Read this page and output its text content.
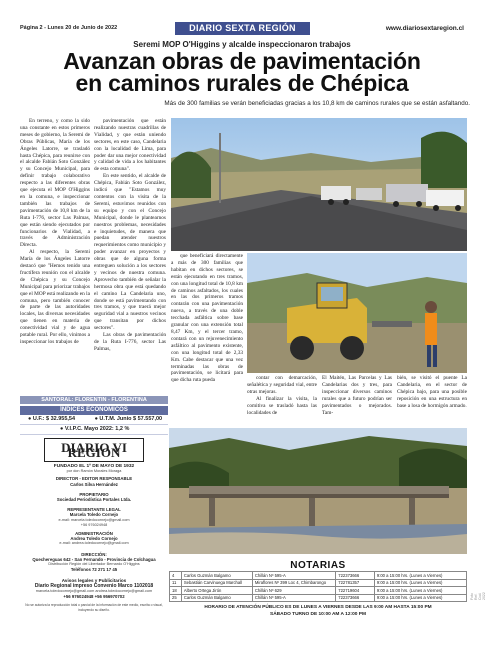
Página 2 - Lunes 20 de Junio de 2022	DIARIO SEXTA REGIÓN	www.diariosextaregion.cl
Seremi MOP O'Higgins y alcalde inspeccionaron trabajos
Avanzan obras de pavimentación
en caminos rurales de Chépica
Más de 300 familias se verán beneficiadas gracias a los 10,8 km de caminos rurales que se están asfaltando.

En terreno, y como la sido una constante en estos primeros meses de gobierno, la Seremi de Obras Públicas, María de los Ángeles Latorre, se trasladó hasta Chépica, para reunirse con el alcalde Fabián Soto González y su Concejo Municipal, para definir trabajo colaborativo respecto a las diferentes obras que ejecuta el MOP O'Higgins en la comuna, e inspeccionar también las trabajos de pavimentación de 10,8 km de la Ruta I-776, sector Las Palmas, que están siendo ejecutados por funcionarios de Vialidad, a través de Administración Directa.

Al respecto, la Seremi María de los Ángeles Latorre destacó que "Hemos tenido una fructífera reunión con el alcalde de Chépica y su Concejo Municipal para priorizar trabajos que el MOP está realizando en la comuna, pero también conocer de parte de las autoridades locales, las diversas necesidades que tienen en materia de conectividad vial y de agua potable rural. Por ello, vinimos a inspeccionar los trabajos de

pavimentación que están realizando nuestras cuadrillas de Vialidad, y que están uniendo sectores, en este caso, Candelaria con la localidad de Lima, para poder dar una mejor conectividad y calidad de vida a los habitantes de esta comuna".

En este sentido, el alcalde de Chépica, Fabián Soto González, indicó que "Estamos muy contentos con la visita de la Seremi, estuvimos reunidos con su equipo y con el Concejo Municipal, donde le plantearnos nuestros problemas, necesidades e inquietudes, de manera que puedan atender nuestros requerimientos como municipio y poder avanzar en proyectos y obras que de alguna forma entreguen solución a los sectores y vecinos de nuestra comuna. Aprovecho también de señalar la hermosa obra que está quedando el camino La Candelaria uno, donde se está pavimentando con tres tramos, y que traerá mejor seguridad vial a nuestros vecinos que transitan por dichos sectores".

Las obras de pavimentación de la Ruta I-776, sector Las Palmas,

que beneficiará directamente a más de 300 familias que habitan en dichos sectores, se están ejecutando en tres tramos, con una longitud total de 10,8 km de caminos asfaltados, los cuales en las dos primeros tramos contarán con una pavimentación nueva, a través de una doble tecchada asfáltica sobre base granular con una extensión total 8,47 Km, y el tercer tramo, contará con un rejuvenecimiento asfáltico al pavimento existente, con una longitud total de 2,33 Km. Cabe destacar que una vez terminadas las obras de pavimentación, se licitará para que dicha ruta pueda	contar con demarcación, señalética y seguridad vial, entre otras mejoras.

Al finalizar la visita, la comitiva se trasladó hasta las localidades de

El Maitén, Las Parcelas y Las Candelarias dos y tres, para inspeccionar diversos caminos rurales que a futuro podrían ser pavimentados o mejorados. Tam-

bién, se visitó el puente La Candelaria, en el sector de Chépica bajo, para una posible reposición en una estructura en base a losa de hormigón armado.

SANTORAL: FLORENTIN - FLORENTINA
ÍNDICES ECONÓMICOS
● U.F.: $ 32.955,54	● U.T.M. Junio $ 57.557,00
● V.I.P.C. Mayo 2022: 1,2 %
DIARIO VI REGION
FUNDADO EL 1º DE MAYO DE 1932
por don Ramón Morales Moraga
DIRECTOR - EDITOR RESPONSABLE
Carlos Silva Hernández
PROPIETARIO
Sociedad Periodística Portales Ltda.
REPRESENTANTE LEGAL
Marcela Toledo Cornejo
e-mail: marcela.toledocornejo@gmail.com
+56 976024948
ADMINISTRACIÓN
Andrea Toledo Cornejo
e-mail: andrea.toledocornejo@gmail.com
DIRECCIÓN:
Quechereguas 642 - San Fernando - Provincia de Colchagua
Distribución Región del Libertador Bernardo O'Higgins
Teléfonos 72 271 17 45
Avisos legales y Publicitarios
Diario Regional impreso Convenio Marco 1102018
marcela.toledocornejo@gmail.com andrea.toledocornejo@gmail.com
+56 976024948 +56 956970702
No se autoriza la reproducción total o parcial de la información de este medio, escrita o visual, incluyendo su diseño.
NOTARIAS
4	Carlos Guzmán Balgamo	Chillán Nº 595-A	722373666	9:00 a 15:00 hrs. (Lunes a Viernes)
11	Sebastián Carvinuega Marchall	Miraflores Nº 399 Loc 4, Chimbarongo	722781357	9:00 a 15:00 hrs. (Lunes a Viernes)
18	Alberto Ortega Jirón	Chillán Nº 629	722719604	9:00 a 15:00 hrs. (Lunes a Viernes)
25	Carlos Guzmán Balgamo	Chillán Nº 595-A	722373666	9:00 a 15:00 hrs. (Lunes a Viernes)
HORARIO DE ATENCIÓN PÚBLICO ES DE LUNES A VIERNES DESDE LAS 9:00 AM HASTA 15:00 PM
SÁBADO TURNO DE 10:00 AM A 12:00 PM
Foto Ref. Cod. 2022
